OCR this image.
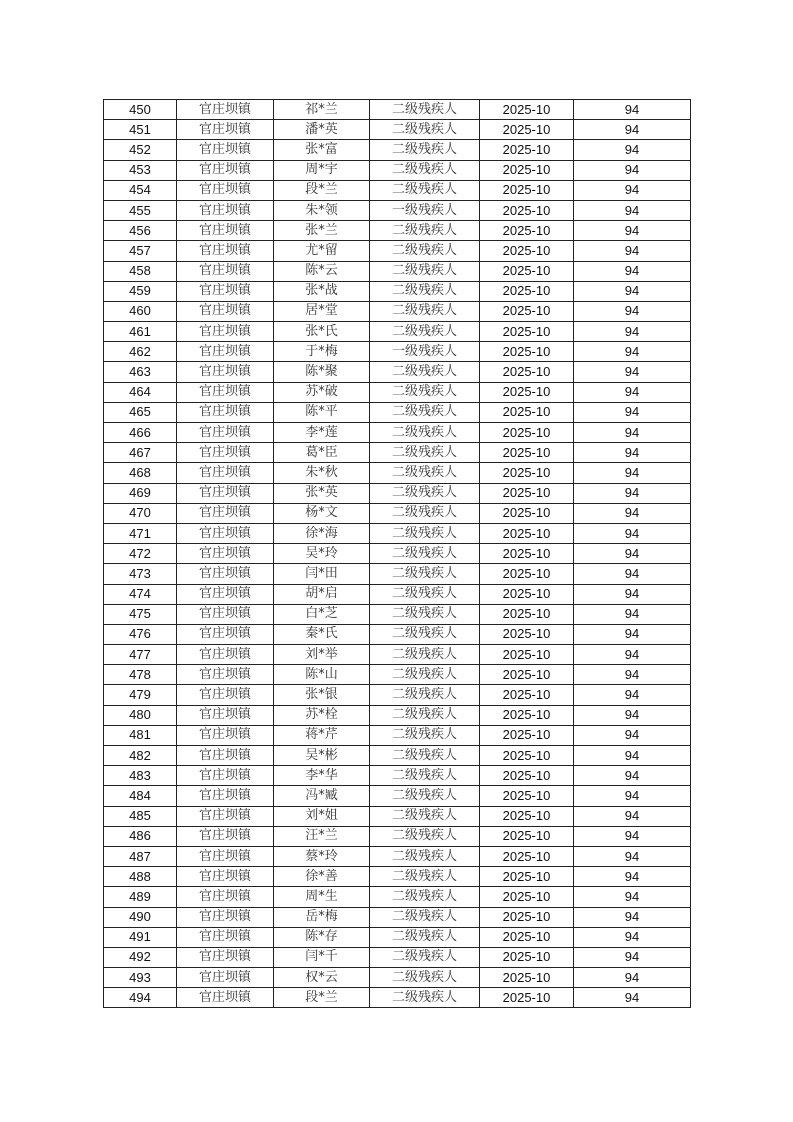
450	官庄坝镇	祁*兰	二级残疾人	2025-10	94
451	官庄坝镇	潘*英	二级残疾人	2025-10	94
452	官庄坝镇	张*富	二级残疾人	2025-10	94
453	官庄坝镇	周*宇	二级残疾人	2025-10	94
454	官庄坝镇	段*兰	二级残疾人	2025-10	94
455	官庄坝镇	朱*领	一级残疾人	2025-10	94
456	官庄坝镇	张*兰	二级残疾人	2025-10	94
457	官庄坝镇	尤*留	二级残疾人	2025-10	94
458	官庄坝镇	陈*云	二级残疾人	2025-10	94
459	官庄坝镇	张*战	二级残疾人	2025-10	94
460	官庄坝镇	居*堂	二级残疾人	2025-10	94
461	官庄坝镇	张*氏	二级残疾人	2025-10	94
462	官庄坝镇	于*梅	一级残疾人	2025-10	94
463	官庄坝镇	陈*聚	二级残疾人	2025-10	94
464	官庄坝镇	苏*破	二级残疾人	2025-10	94
465	官庄坝镇	陈*平	二级残疾人	2025-10	94
466	官庄坝镇	李*莲	二级残疾人	2025-10	94
467	官庄坝镇	葛*臣	二级残疾人	2025-10	94
468	官庄坝镇	朱*秋	二级残疾人	2025-10	94
469	官庄坝镇	张*英	二级残疾人	2025-10	94
470	官庄坝镇	杨*文	二级残疾人	2025-10	94
471	官庄坝镇	徐*海	二级残疾人	2025-10	94
472	官庄坝镇	吴*玲	二级残疾人	2025-10	94
473	官庄坝镇	闫*田	二级残疾人	2025-10	94
474	官庄坝镇	胡*启	二级残疾人	2025-10	94
475	官庄坝镇	白*芝	二级残疾人	2025-10	94
476	官庄坝镇	秦*氏	二级残疾人	2025-10	94
477	官庄坝镇	刘*举	二级残疾人	2025-10	94
478	官庄坝镇	陈*山	二级残疾人	2025-10	94
479	官庄坝镇	张*银	二级残疾人	2025-10	94
480	官庄坝镇	苏*栓	二级残疾人	2025-10	94
481	官庄坝镇	蒋*芹	二级残疾人	2025-10	94
482	官庄坝镇	吴*彬	二级残疾人	2025-10	94
483	官庄坝镇	李*华	二级残疾人	2025-10	94
484	官庄坝镇	冯*臧	二级残疾人	2025-10	94
485	官庄坝镇	刘*姐	二级残疾人	2025-10	94
486	官庄坝镇	汪*兰	二级残疾人	2025-10	94
487	官庄坝镇	蔡*玲	二级残疾人	2025-10	94
488	官庄坝镇	徐*善	二级残疾人	2025-10	94
489	官庄坝镇	周*生	二级残疾人	2025-10	94
490	官庄坝镇	岳*梅	二级残疾人	2025-10	94
491	官庄坝镇	陈*存	二级残疾人	2025-10	94
492	官庄坝镇	闫*千	二级残疾人	2025-10	94
493	官庄坝镇	权*云	二级残疾人	2025-10	94
494	官庄坝镇	段*兰	二级残疾人	2025-10	94
